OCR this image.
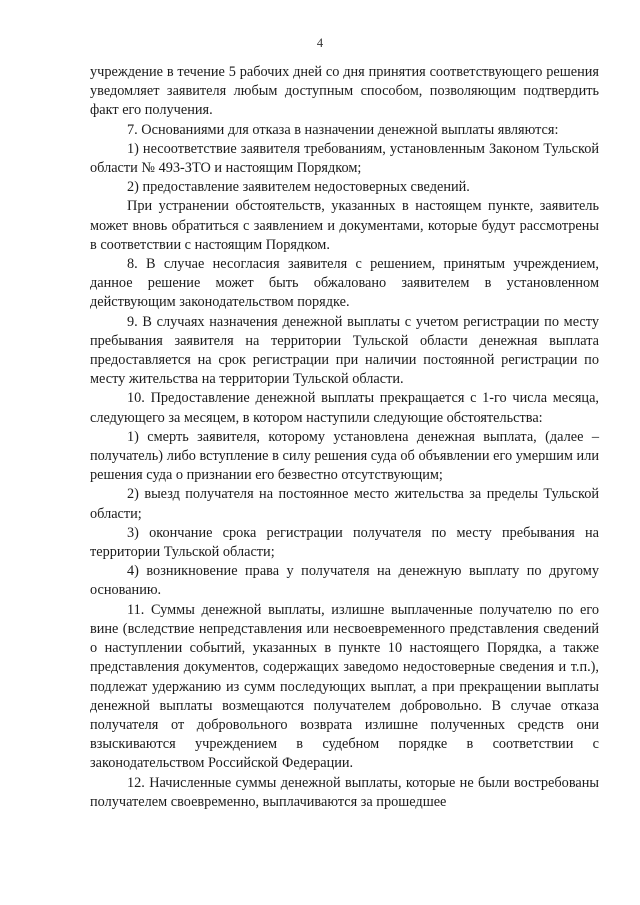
4

учреждение в течение 5 рабочих дней со дня принятия соответствующего решения уведомляет заявителя любым доступным способом, позволяющим подтвердить факт его получения.

7. Основаниями для отказа в назначении денежной выплаты являются:

1) несоответствие заявителя требованиям, установленным Законом Тульской области № 493-ЗТО и настоящим Порядком;

2) предоставление заявителем недостоверных сведений.

При устранении обстоятельств, указанных в настоящем пункте, заявитель может вновь обратиться с заявлением и документами, которые будут рассмотрены в соответствии с настоящим Порядком.

8. В случае несогласия заявителя с решением, принятым учреждением, данное решение может быть обжаловано заявителем в установленном действующим законодательством порядке.

9. В случаях назначения денежной выплаты с учетом регистрации по месту пребывания заявителя на территории Тульской области денежная выплата предоставляется на срок регистрации при наличии постоянной регистрации по месту жительства на территории Тульской области.

10. Предоставление денежной выплаты прекращается с 1-го числа месяца, следующего за месяцем, в котором наступили следующие обстоятельства:

1) смерть заявителя, которому установлена денежная выплата, (далее – получатель) либо вступление в силу решения суда об объявлении его умершим или решения суда о признании его безвестно отсутствующим;

2) выезд получателя на постоянное место жительства за пределы Тульской области;

3) окончание срока регистрации получателя по месту пребывания на территории Тульской области;

4) возникновение права у получателя на денежную выплату по другому основанию.

11. Суммы денежной выплаты, излишне выплаченные получателю по его вине (вследствие непредставления или несвоевременного представления сведений о наступлении событий, указанных в пункте 10 настоящего Порядка, а также представления документов, содержащих заведомо недостоверные сведения и т.п.), подлежат удержанию из сумм последующих выплат, а при прекращении выплаты денежной выплаты возмещаются получателем добровольно. В случае отказа получателя от добровольного возврата излишне полученных средств они взыскиваются учреждением в судебном порядке в соответствии с законодательством Российской Федерации.

12. Начисленные суммы денежной выплаты, которые не были востребованы получателем своевременно, выплачиваются за прошедшее
